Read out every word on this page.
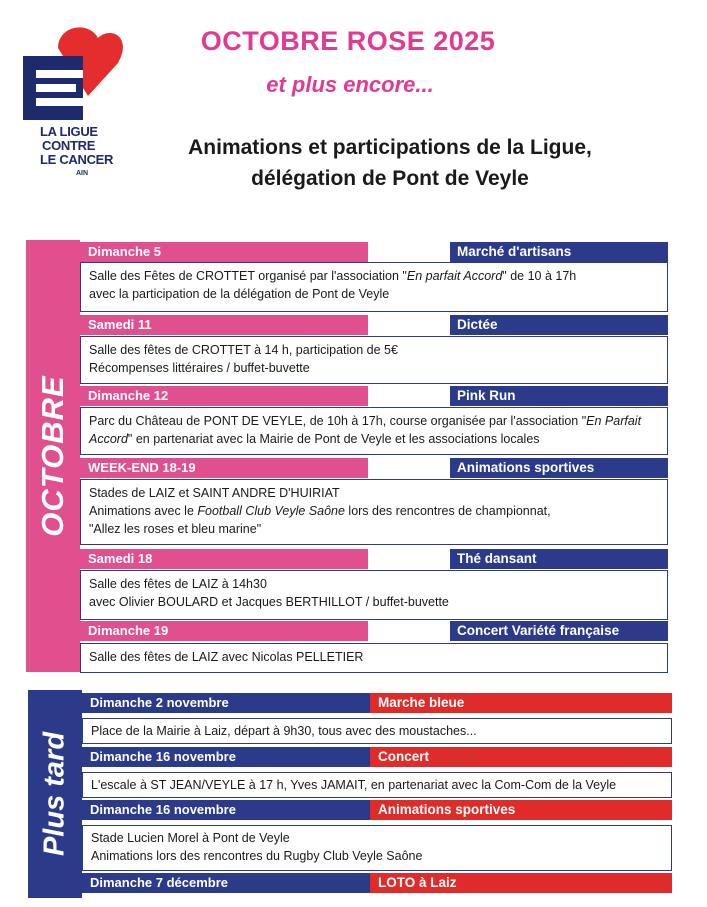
LA LIGUE
CONTRE
LE CANCER
AIN
OCTOBRE ROSE 2025
et plus encore...
Animations et participations de la Ligue,
délégation de Pont de Veyle
OCTOBRE
Dimanche 5	Marché d'artisans
Salle des Fêtes de CROTTET organisé par l'association "En parfait Accord" de 10 à 17h
avec la participation de la délégation de Pont de Veyle
Samedi 11	Dictée
Salle des fêtes de CROTTET à 14 h, participation de 5€
Récompenses littéraires / buffet-buvette
Dimanche 12	Pink Run
Parc du Château de PONT DE VEYLE, de 10h à 17h, course organisée par l'association "En Parfait Accord" en partenariat avec la Mairie de Pont de Veyle et les associations locales
WEEK-END 18-19	Animations sportives
Stades de LAIZ et SAINT ANDRE D'HUIRIAT
Animations avec le Football Club Veyle Saône lors des rencontres de championnat,
"Allez les roses et bleu marine"
Samedi 18	Thé dansant
Salle des fêtes de LAIZ à 14h30
avec Olivier BOULARD et Jacques BERTHILLOT / buffet-buvette
Dimanche 19	Concert Variété française
Salle des fêtes de LAIZ avec Nicolas PELLETIER
Plus tard
Dimanche 2 novembre	Marche bleue
Place de la Mairie à Laiz, départ à 9h30, tous avec des moustaches...
Dimanche 16 novembre	Concert à 16 h
L'escale à ST JEAN/VEYLE à 17 h, Yves JAMAIT, en partenariat avec la Com-Com de la Veyle
Dimanche 16 novembre	Animations sportives
Stade Lucien Morel à Pont de Veyle
Animations lors des rencontres du Rugby Club Veyle Saône
Dimanche 7 décembre	LOTO à Laiz
